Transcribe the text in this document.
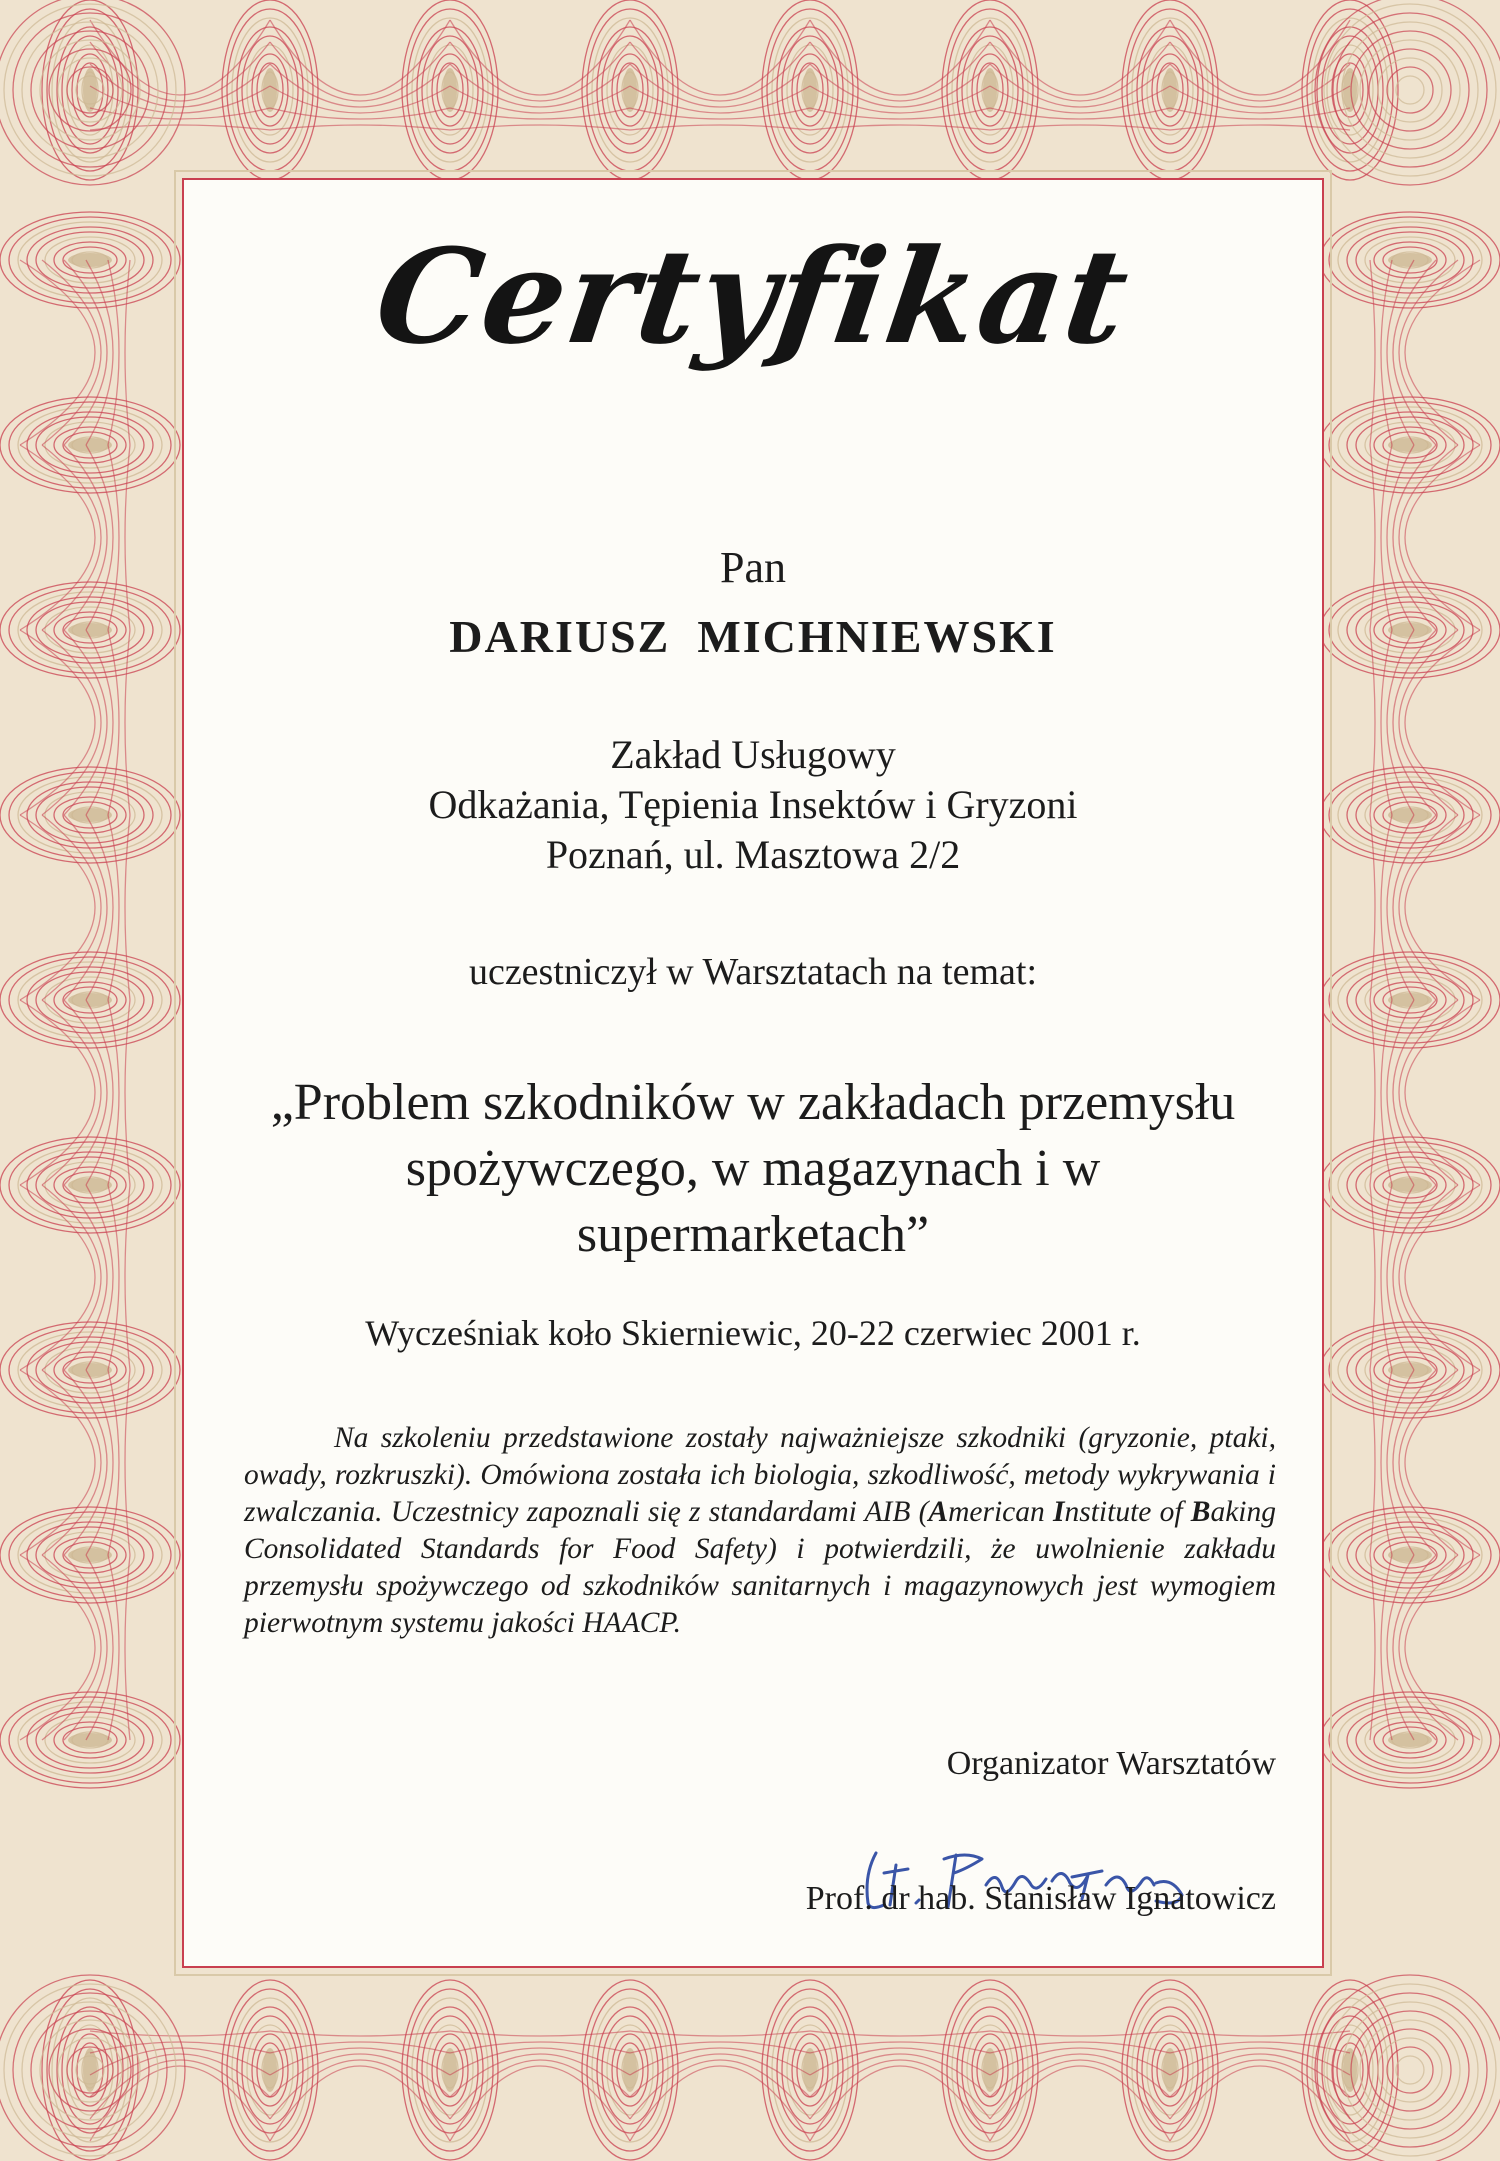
Certyfikat
Pan
DARIUSZ  MICHNIEWSKI
Zakład Usługowy
Odkażania, Tępienia Insektów i Gryzoni
Poznań, ul. Masztowa 2/2
uczestniczył w Warsztatach na temat:
„Problem szkodników w zakładach przemysłu
spożywczego, w magazynach i w
supermarketach”
Wycześniak koło Skierniewic, 20-22 czerwiec 2001 r.
Na szkoleniu przedstawione zostały najważniejsze szkodniki (gryzonie, ptaki, owady, rozkruszki). Omówiona została ich biologia, szkodliwość, metody wykrywania i zwalczania. Uczestnicy zapoznali się z standardami AIB (American Institute of Baking Consolidated Standards for Food Safety) i potwierdzili, że uwolnienie zakładu przemysłu spożywczego od szkodników sanitarnych i magazynowych jest wymogiem pierwotnym systemu jakości HAACP.
Organizator Warsztatów
Prof. dr hab. Stanisław Ignatowicz
